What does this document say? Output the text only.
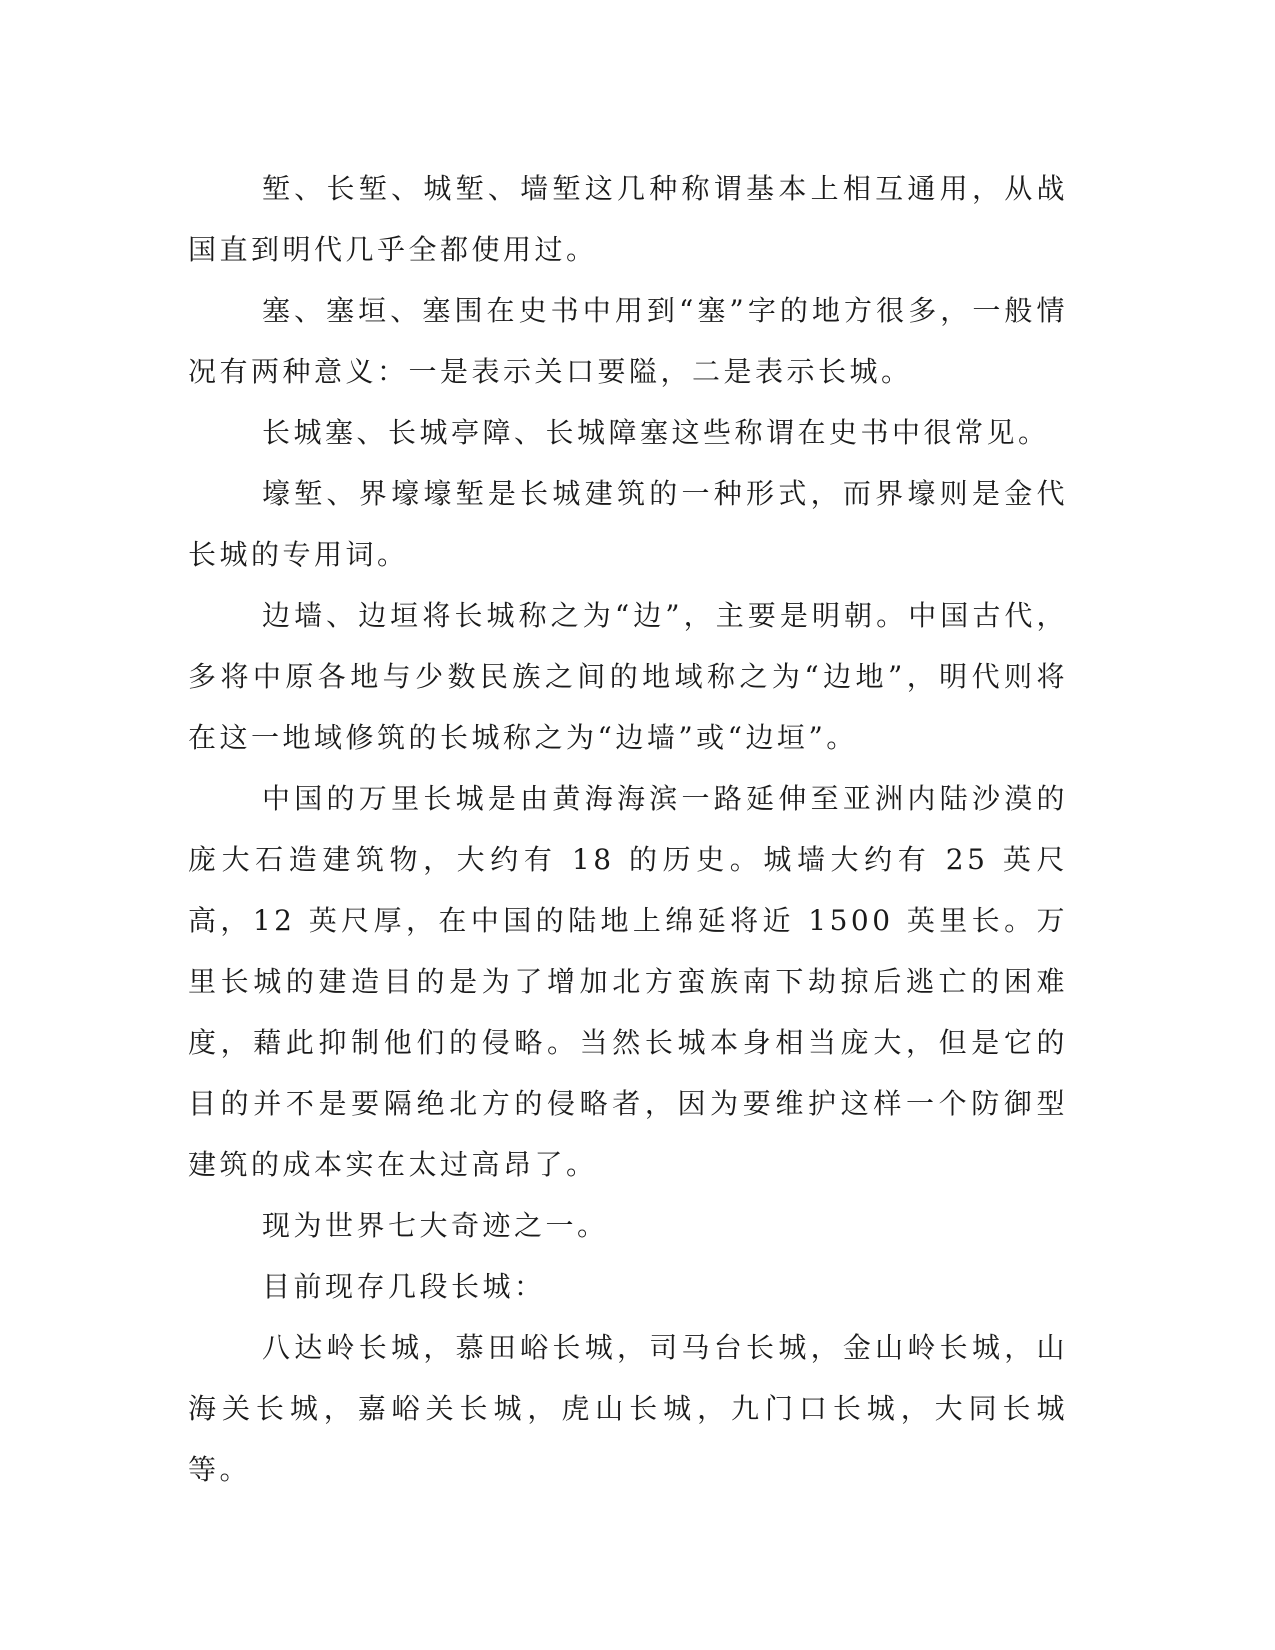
堑、长堑、城堑、墙堑这几种称谓基本上相互通用，从战国直到明代几乎全都使用过。

塞、塞垣、塞围在史书中用到“塞”字的地方很多，一般情况有两种意义：一是表示关口要隘，二是表示长城。

长城塞、长城亭障、长城障塞这些称谓在史书中很常见。

壕堑、界壕壕堑是长城建筑的一种形式，而界壕则是金代长城的专用词。

边墙、边垣将长城称之为“边”，主要是明朝。中国古代，多将中原各地与少数民族之间的地域称之为“边地”，明代则将在这一地域修筑的长城称之为“边墙”或“边垣”。

中国的万里长城是由黄海海滨一路延伸至亚洲内陆沙漠的庞大石造建筑物，大约有 18 的历史。城墙大约有 25 英尺高，12 英尺厚，在中国的陆地上绵延将近 1500 英里长。万里长城的建造目的是为了增加北方蛮族南下劫掠后逃亡的困难度，藉此抑制他们的侵略。当然长城本身相当庞大，但是它的目的并不是要隔绝北方的侵略者，因为要维护这样一个防御型建筑的成本实在太过高昂了。

现为世界七大奇迹之一。

目前现存几段长城：

八达岭长城，慕田峪长城，司马台长城，金山岭长城，山海关长城，嘉峪关长城，虎山长城，九门口长城，大同长城等。
